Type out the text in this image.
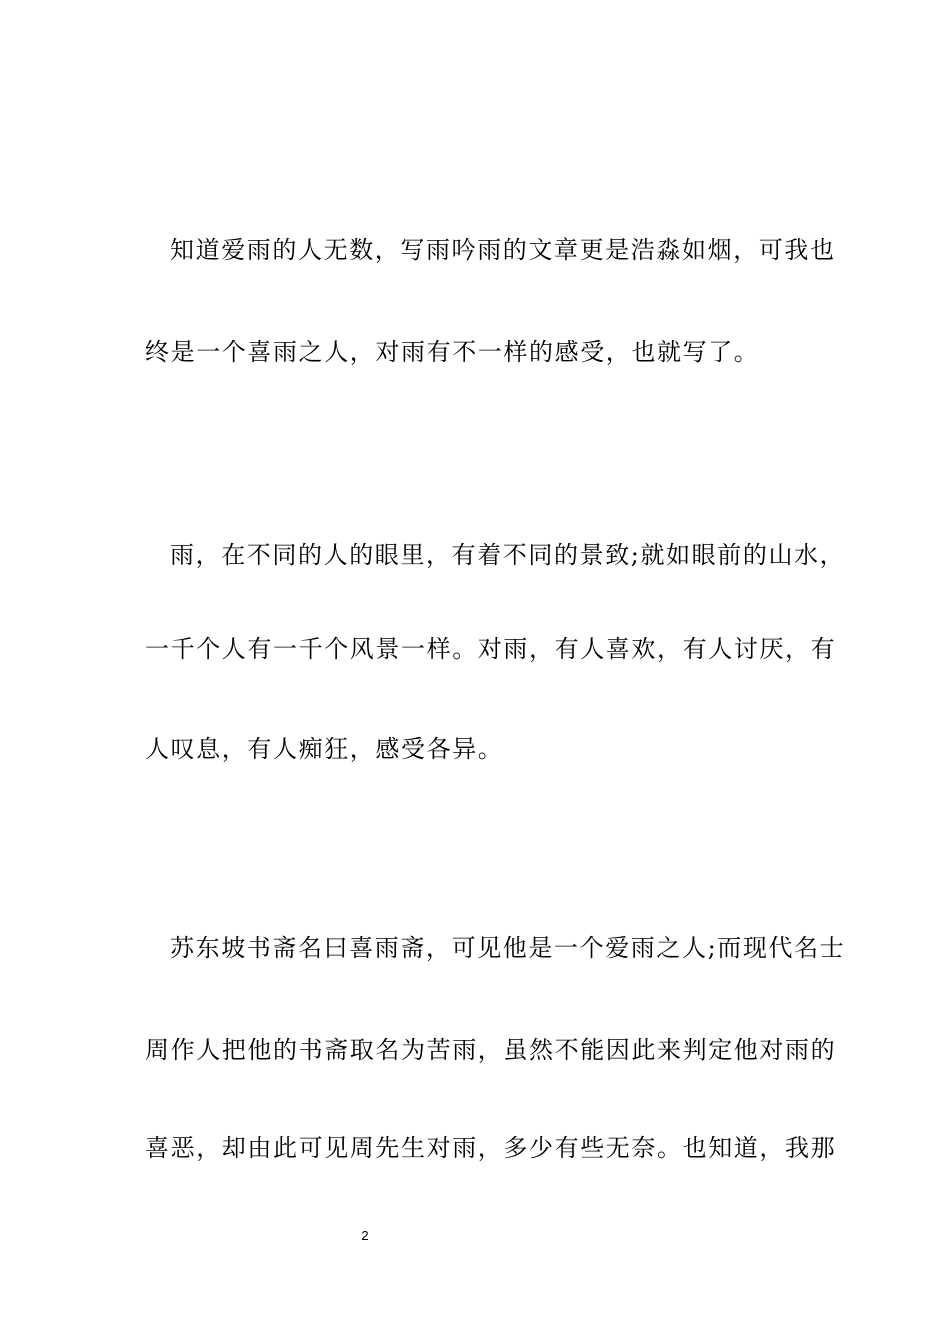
知道爱雨的人无数，写雨吟雨的文章更是浩淼如烟，可我也
终是一个喜雨之人，对雨有不一样的感受，也就写了。
雨，在不同的人的眼里，有着不同的景致;就如眼前的山水，
一千个人有一千个风景一样。对雨，有人喜欢，有人讨厌，有
人叹息，有人痴狂，感受各异。
苏东坡书斋名曰喜雨斋，可见他是一个爱雨之人;而现代名士
周作人把他的书斋取名为苦雨，虽然不能因此来判定他对雨的
喜恶，却由此可见周先生对雨，多少有些无奈。也知道，我那
2
